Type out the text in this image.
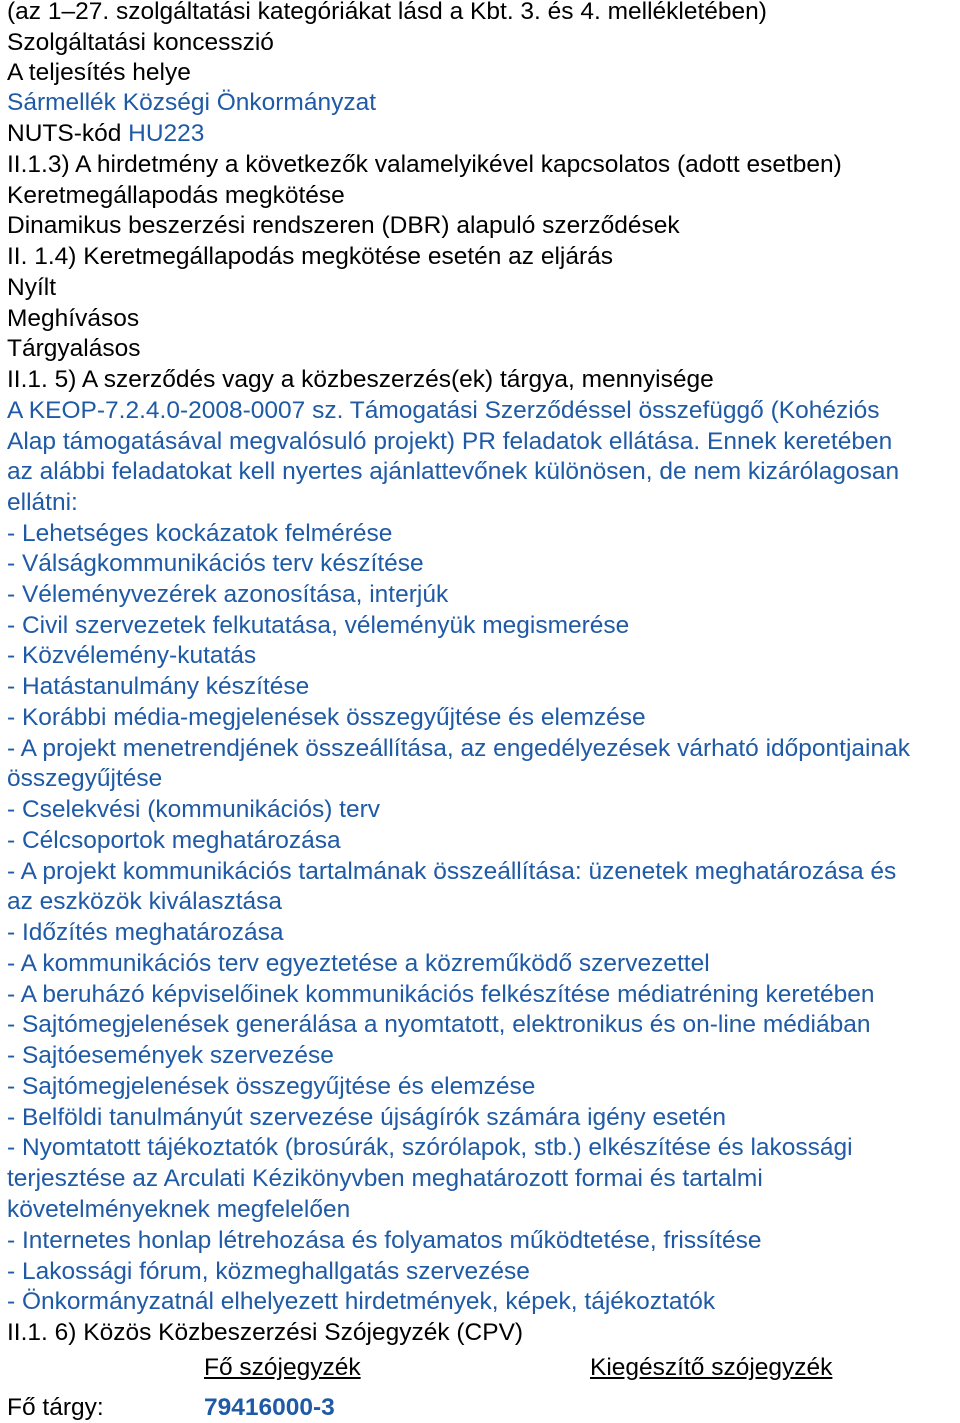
(az 1–27. szolgáltatási kategóriákat lásd a Kbt. 3. és 4. mellékletében)
Szolgáltatási koncesszió
A teljesítés helye
Sármellék Községi Önkormányzat
NUTS-kód HU223
II.1.3) A hirdetmény a következők valamelyikével kapcsolatos (adott esetben)
Keretmegállapodás megkötése
Dinamikus beszerzési rendszeren (DBR) alapuló szerződések
II. 1.4) Keretmegállapodás megkötése esetén az eljárás
Nyílt
Meghívásos
Tárgyalásos
II.1. 5) A szerződés vagy a közbeszerzés(ek) tárgya, mennyisége
A KEOP-7.2.4.0-2008-0007 sz. Támogatási Szerződéssel összefüggő (Kohéziós
Alap támogatásával megvalósuló projekt) PR feladatok ellátása. Ennek keretében
az alábbi feladatokat kell nyertes ajánlattevőnek különösen, de nem kizárólagosan
ellátni:
- Lehetséges kockázatok felmérése
- Válságkommunikációs terv készítése
- Véleményvezérek azonosítása, interjúk
- Civil szervezetek felkutatása, véleményük megismerése
- Közvélemény-kutatás
- Hatástanulmány készítése
- Korábbi média-megjelenések összegyűjtése és elemzése
- A projekt menetrendjének összeállítása, az engedélyezések várható időpontjainak
összegyűjtése
- Cselekvési (kommunikációs) terv
- Célcsoportok meghatározása
- A projekt kommunikációs tartalmának összeállítása: üzenetek meghatározása és
az eszközök kiválasztása
- Időzítés meghatározása
- A kommunikációs terv egyeztetése a közreműködő szervezettel
- A beruházó képviselőinek kommunikációs felkészítése médiatréning keretében
- Sajtómegjelenések generálása a nyomtatott, elektronikus és on-line médiában
- Sajtóesemények szervezése
- Sajtómegjelenések összegyűjtése és elemzése
- Belföldi tanulmányút szervezése újságírók számára igény esetén
- Nyomtatott tájékoztatók (brosúrák, szórólapok, stb.) elkészítése és lakossági
terjesztése az Arculati Kézikönyvben meghatározott formai és tartalmi
követelményeknek megfelelően
- Internetes honlap létrehozása és folyamatos működtetése, frissítése
- Lakossági fórum, közmeghallgatás szervezése
- Önkormányzatnál elhelyezett hirdetmények, képek, tájékoztatók
II.1. 6) Közös Közbeszerzési Szójegyzék (CPV)
Fő szójegyzék	Kiegészítő szójegyzék
Fő tárgy:	79416000-3
